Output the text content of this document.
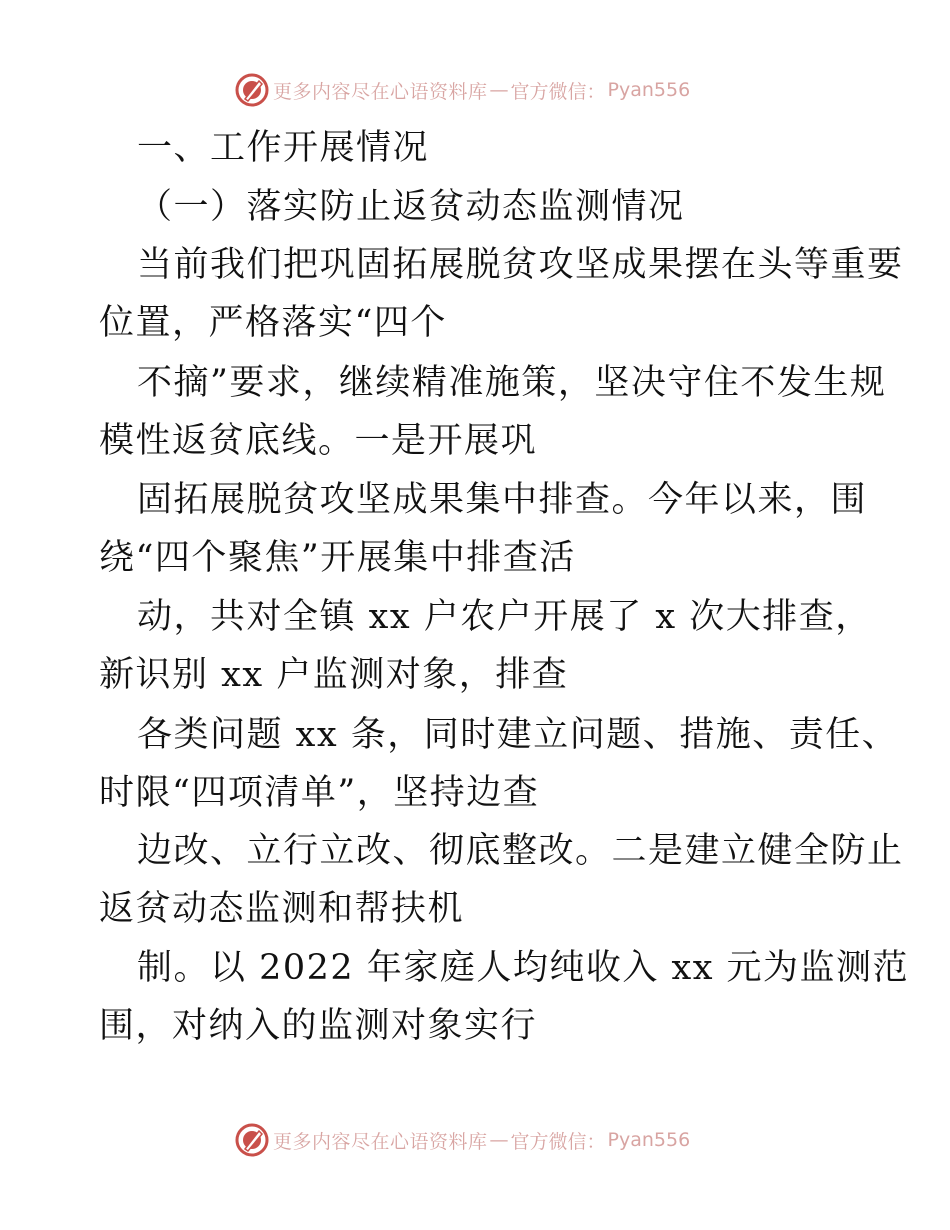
更多内容尽在心语资料库 — 官方微信： Pyan556
一、工作开展情况
（一）落实防止返贫动态监测情况
当前我们把巩固拓展脱贫攻坚成果摆在头等重要
位置，严格落实“四个
不摘”要求，继续精准施策，坚决守住不发生规
模性返贫底线。一是开展巩
固拓展脱贫攻坚成果集中排查。今年以来，围
绕“四个聚焦”开展集中排查活
动，共对全镇 xx 户农户开展了 x 次大排查，
新识别 xx 户监测对象，排查
各类问题 xx 条，同时建立问题、措施、责任、
时限“四项清单”，坚持边查
边改、立行立改、彻底整改。二是建立健全防止
返贫动态监测和帮扶机
制。以 2022 年家庭人均纯收入 xx 元为监测范
围，对纳入的监测对象实行
更多内容尽在心语资料库 — 官方微信： Pyan556
